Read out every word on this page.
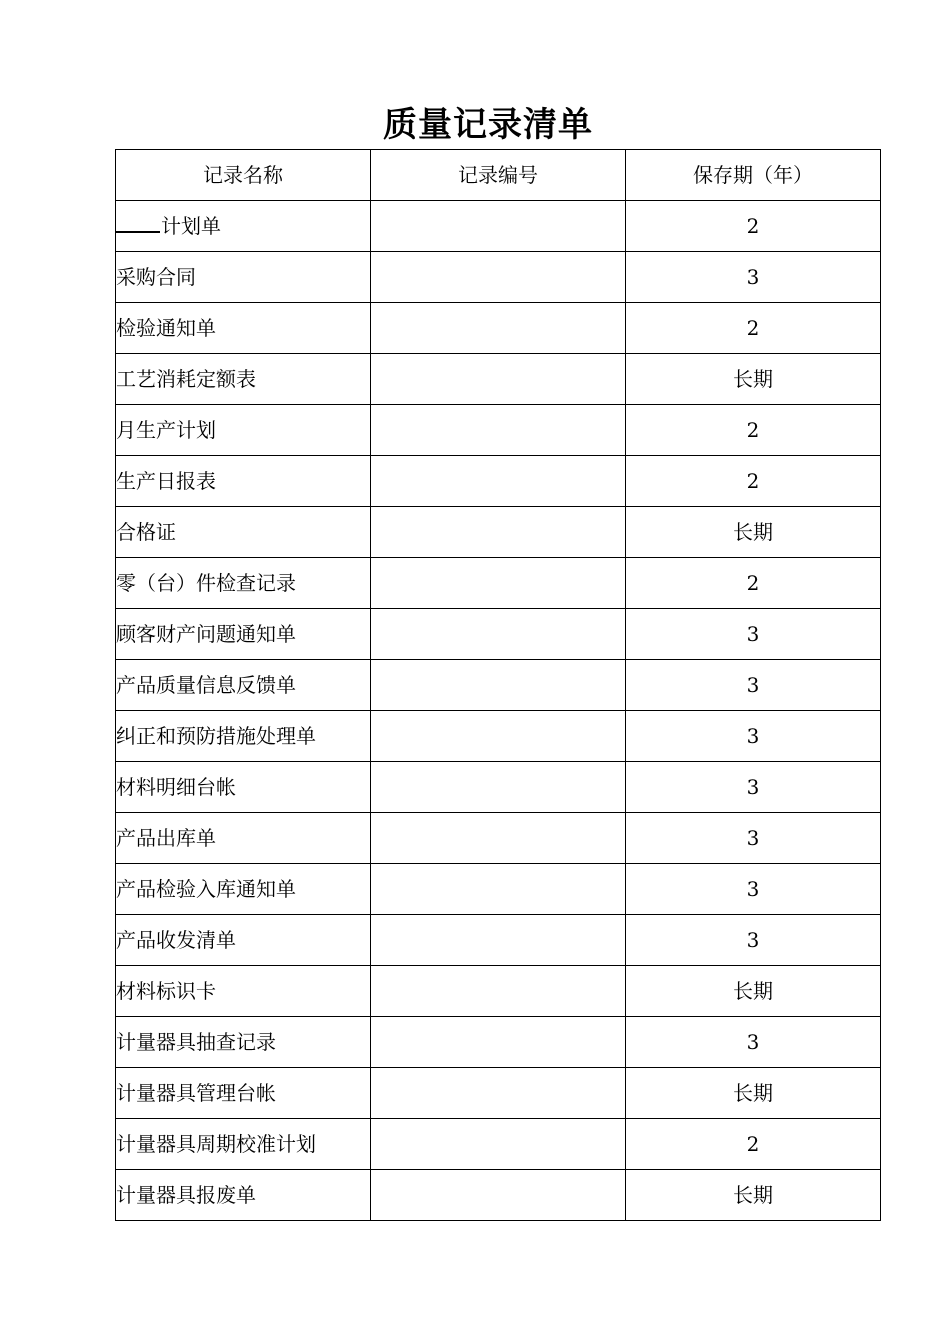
质量记录清单
记录名称	记录编号	保存期（年）
计划单		2
采购合同		3
检验通知单		2
工艺消耗定额表		长期
月生产计划		2
生产日报表		2
合格证		长期
零（台）件检查记录		2
顾客财产问题通知单		3
产品质量信息反馈单		3
纠正和预防措施处理单		3
材料明细台帐		3
产品出库单		3
产品检验入库通知单		3
产品收发清单		3
材料标识卡		长期
计量器具抽查记录		3
计量器具管理台帐		长期
计量器具周期校准计划		2
计量器具报废单		长期
